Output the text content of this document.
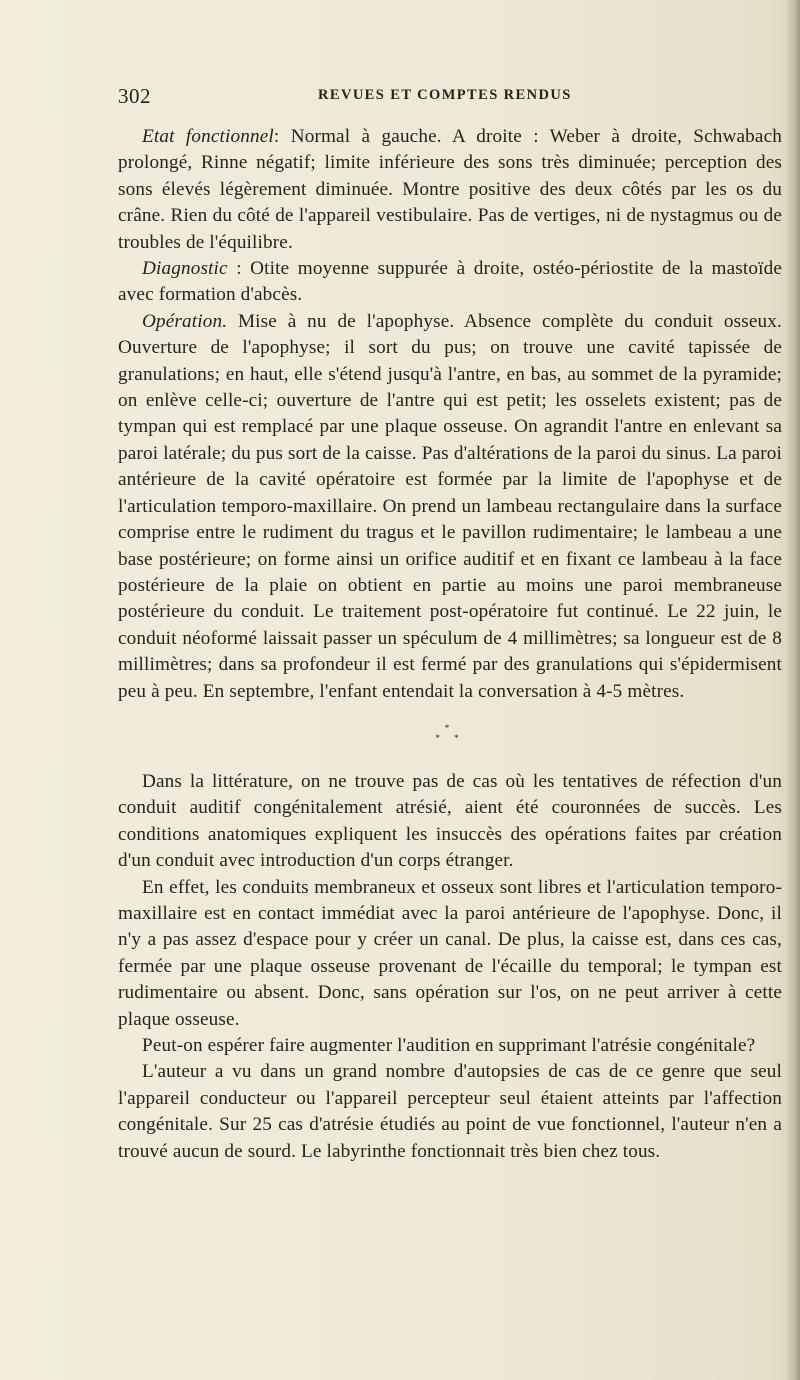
302	REVUES ET COMPTES RENDUS

Etat fonctionnel: Normal à gauche. A droite : Weber à droite, Schwabach prolongé, Rinne négatif; limite inférieure des sons très diminuée; perception des sons élevés légèrement diminuée. Montre positive des deux côtés par les os du crâne. Rien du côté de l'appareil vestibulaire. Pas de vertiges, ni de nystagmus ou de troubles de l'équilibre.

Diagnostic : Otite moyenne suppurée à droite, ostéo-périostite de la mastoïde avec formation d'abcès.

Opération. Mise à nu de l'apophyse. Absence complète du conduit osseux. Ouverture de l'apophyse; il sort du pus; on trouve une cavité tapissée de granulations; en haut, elle s'étend jusqu'à l'antre, en bas, au sommet de la pyramide; on enlève celle-ci; ouverture de l'antre qui est petit; les osselets existent; pas de tympan qui est remplacé par une plaque osseuse. On agrandit l'antre en enlevant sa paroi latérale; du pus sort de la caisse. Pas d'altérations de la paroi du sinus. La paroi antérieure de la cavité opératoire est formée par la limite de l'apophyse et de l'articulation temporo-maxillaire. On prend un lambeau rectangulaire dans la surface comprise entre le rudiment du tragus et le pavillon rudimentaire; le lambeau a une base postérieure; on forme ainsi un orifice auditif et en fixant ce lambeau à la face postérieure de la plaie on obtient en partie au moins une paroi membraneuse postérieure du conduit. Le traitement post-opératoire fut continué. Le 22 juin, le conduit néoformé laissait passer un spéculum de 4 millimètres; sa longueur est de 8 millimètres; dans sa profondeur il est fermé par des granulations qui s'épidermisent peu à peu. En septembre, l'enfant entendait la conversation à 4-5 mètres.

*
* *

Dans la littérature, on ne trouve pas de cas où les tentatives de réfection d'un conduit auditif congénitalement atrésié, aient été couronnées de succès. Les conditions anatomiques expliquent les insuccès des opérations faites par création d'un conduit avec introduction d'un corps étranger.

En effet, les conduits membraneux et osseux sont libres et l'articulation temporo-maxillaire est en contact immédiat avec la paroi antérieure de l'apophyse. Donc, il n'y a pas assez d'espace pour y créer un canal. De plus, la caisse est, dans ces cas, fermée par une plaque osseuse provenant de l'écaille du temporal; le tympan est rudimentaire ou absent. Donc, sans opération sur l'os, on ne peut arriver à cette plaque osseuse.

Peut-on espérer faire augmenter l'audition en supprimant l'atrésie congénitale?

L'auteur a vu dans un grand nombre d'autopsies de cas de ce genre que seul l'appareil conducteur ou l'appareil percepteur seul étaient atteints par l'affection congénitale. Sur 25 cas d'atrésie étudiés au point de vue fonctionnel, l'auteur n'en a trouvé aucun de sourd. Le labyrinthe fonctionnait très bien chez tous.
